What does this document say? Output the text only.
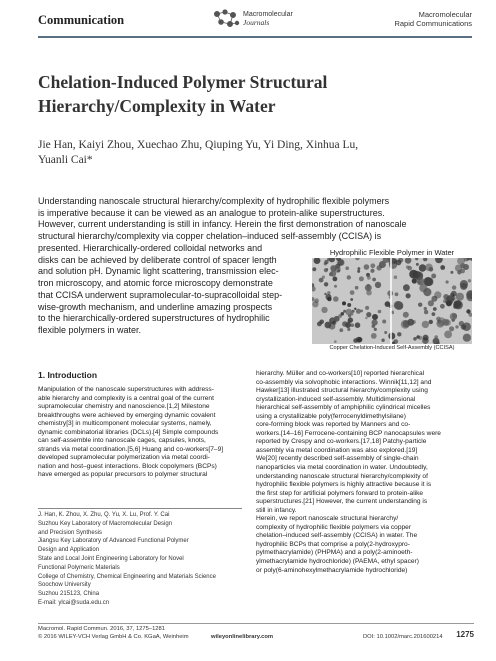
Communication	Macromolecular
Journals
Macromolecular
Rapid Communications
Chelation-Induced Polymer Structural Hierarchy/Complexity in Water
Jie Han, Kaiyi Zhou, Xuechao Zhu, Qiuping Yu, Yi Ding, Xinhua Lu,
Yuanli Cai*
Understanding nanoscale structural hierarchy/complexity of hydrophilic flexible polymers
is imperative because it can be viewed as an analogue to protein-alike superstructures.
However, current understanding is still in infancy. Herein the first demonstration of nanoscale
structural hierarchy/complexity via copper chelation–induced self-assembly (CCISA) is
presented. Hierarchically-ordered colloidal networks and
disks can be achieved by deliberate control of spacer length
and solution pH. Dynamic light scattering, transmission elec-
tron microscopy, and atomic force microscopy demonstrate
that CCISA underwent supramolecular-to-supracolloidal step-
wise-growth mechanism, and underline amazing prospects
to the hierarchically-ordered superstructures of hydrophilic
flexible polymers in water.
Hydrophilic Flexible Polymer in Water
Copper Chelation-Induced Self-Assembly (CCISA)
1. Introduction
Manipulation of the nanoscale superstructures with address-
able hierarchy and complexity is a central goal of the current
supramolecular chemistry and nanoscience.[1,2] Milestone
breakthroughs were achieved by emerging dynamic covalent
chemistry[3] in multicomponent molecular systems, namely,
dynamic combinatorial libraries (DCLs).[4] Simple compounds
can self-assemble into nanoscale cages, capsules, knots,
strands via metal coordination.[5,6] Huang and co-workers[7–9]
developed supramolecular polymerization via metal coordi-
nation and host–guest interactions. Block copolymers (BCPs)
have emerged as popular precursors to polymer structural
J. Han, K. Zhou, X. Zhu, Q. Yu, X. Lu, Prof. Y. Cai
Suzhou Key Laboratory of Macromolecular Design
and Precision Synthesis
Jiangsu Key Laboratory of Advanced Functional Polymer
Design and Application
State and Local Joint Engineering Laboratory for Novel
Functional Polymeric Materials
College of Chemistry, Chemical Engineering and Materials Science
Soochow University
Suzhou 215123, China
E-mail: ylcai@suda.edu.cn
hierarchy. Müller and co-workers[10] reported hierarchical
co-assembly via solvophobic interactions. Winnik[11,12] and
Hawker[13] illustrated structural hierarchy/complexity using
crystallization-induced self-assembly. Multidimensional
hierarchical self-assembly of amphiphilic cylindrical micelles
using a crystallizable poly(ferrocenyldimethylsilane)
core-forming block was reported by Manners and co-
workers.[14–16] Ferrocene-containing BCP nanocapsules were
reported by Crespy and co-workers.[17,18] Patchy-particle
assembly via metal coordination was also explored.[19]
We[20] recently described self-assembly of single-chain
nanoparticles via metal coordination in water. Undoubtedly,
understanding nanoscale structural hierarchy/complexity of
hydrophilic flexible polymers is highly attractive because it is
the first step for artificial polymers forward to protein-alike
superstructures.[21] However, the current understanding is
still in infancy.
Herein, we report nanoscale structural hierarchy/
complexity of hydrophilic flexible polymers via copper
chelation–induced self-assembly (CCISA) in water. The
hydrophilic BCPs that comprise a poly(2-hydroxypro-
pylmethacrylamide) (PHPMA) and a poly(2-aminoeth-
ylmethacrylamide hydrochloride) (PAEMA, ethyl spacer)
or poly(6-aminohexylmethacrylamide hydrochloride)
Macromol. Rapid Commun. 2016, 37, 1275–1281
© 2016 WILEY-VCH Verlag GmbH & Co. KGaA, Weinheim	wileyonlinelibrary.com	DOI: 10.1002/marc.201600214 1275
